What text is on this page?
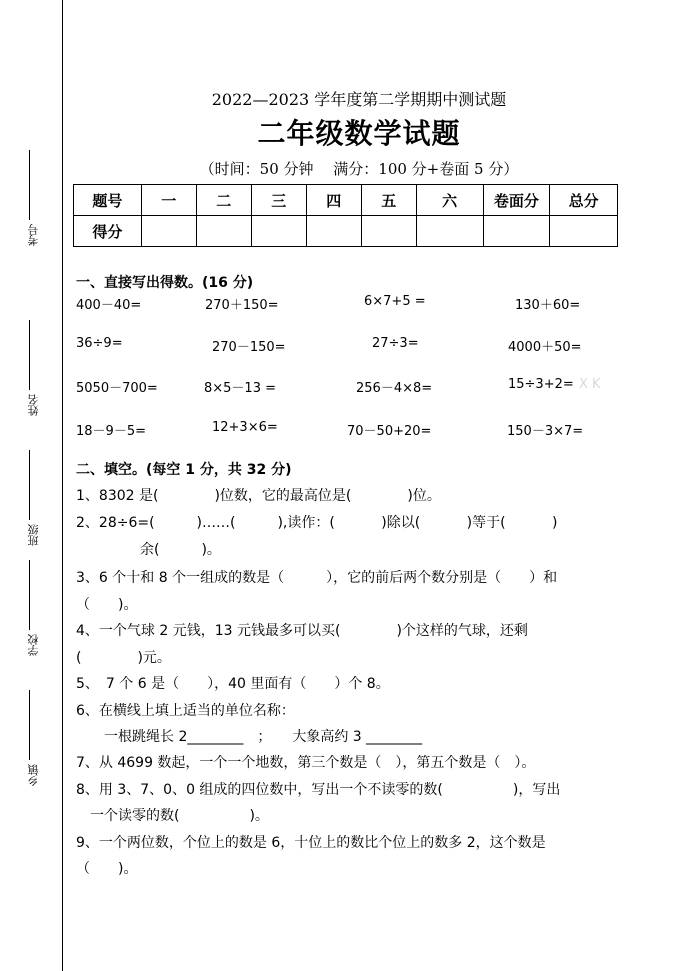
考号
姓名
班级
学校
乡镇
2022—2023 学年度第二学期期中测试题
二年级数学试题
（时间：50 分钟　 满分：100 分+卷面 5 分）
题号	一	二	三	四	五	六	卷面分	总分
得分								
一、直接写出得数。(16 分)
400－40=	270＋150=	6×7+5 =	130＋60=
36÷9=	270－150=	27÷3=	4000＋50=
5050－700=	8×5－13 =	256－4×8=	15÷3+2= X K
18－9－5=	12+3×6=	70－50+20=	150－3×7=
二、填空。(每空 1 分，共 32 分)
1、8302 是(　　　　)位数，它的最高位是(　　　　)位。
2、28÷6=(　　　)……(　　　),读作：(　　　 )除以(　　　 )等于(　　　 )
余(　　　)。
3、6 个十和 8 个一组成的数是（　　　），它的前后两个数分别是（　　）和
（　　)。
4、一个气球 2 元钱，13 元钱最多可以买(　　　　)个这样的气球，还剩
(　　　　)元。
5、　7 个 6 是（　　），40 里面有（　　）个 8。
6、在横线上填上适当的单位名称：
一根跳绳长 2________　；　　大象高约 3 ________
7、从 4699 数起，一个一个地数，第三个数是（　），第五个数是（　）。
8、用 3、7、0、0 组成的四位数中，写出一个不读零的数(　　　　　)，写出
一个读零的数(　　　　　)。
9、一个两位数，个位上的数是 6，十位上的数比个位上的数多 2，这个数是
（　　)。
